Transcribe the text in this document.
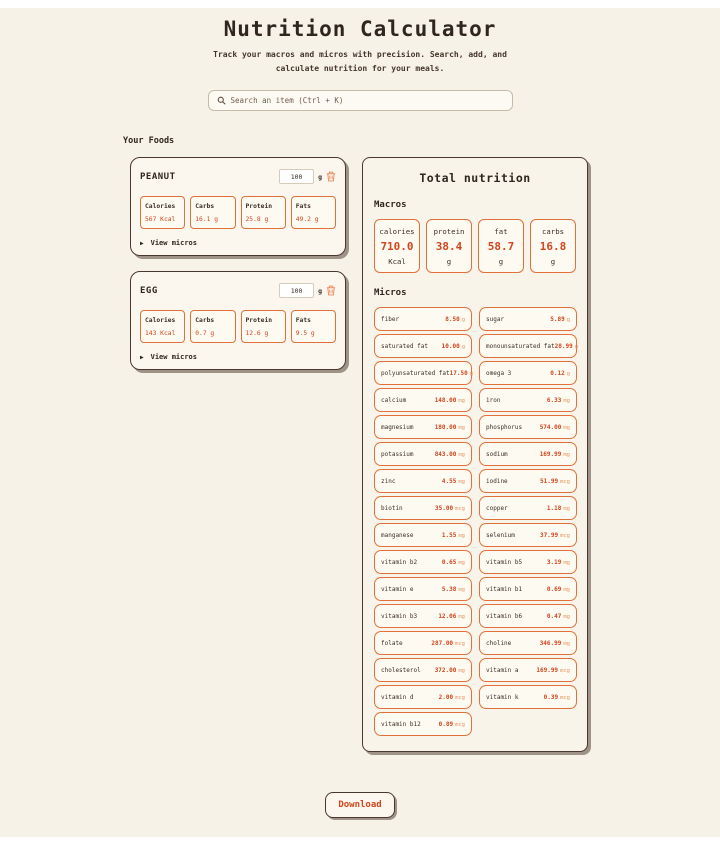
Nutrition Calculator
Track your macros and micros with precision. Search, add, and calculate nutrition for your meals.
Search an item (Ctrl + K)
Your Foods
PEANUT
100	g
Calories
567 Kcal
Carbs
16.1 g
Protein
25.8 g
Fats
49.2 g
▶ View micros
EGG
100	g
Calories
143 Kcal
Carbs
0.7 g
Protein
12.6 g
Fats
9.5 g
▶ View micros
Total nutrition
Macros
calories
710.0
Kcal
protein
38.4
g
fat
58.7
g
carbs
16.8
g
Micros
fiber	8.50 g
saturated fat 10.00 g
polyunsaturated fat 17.50 g
calcium	148.00 mg
magnesium	180.00 mg
potassium	843.00 mg
zinc	4.55 mg
biotin	35.00 mcg
manganese	1.55 mg
vitamin b2	0.65 mg
vitamin e	5.38 mg
vitamin b3	12.06 mg
folate	287.00 mcg
cholesterol 372.00 mg
vitamin d	2.00 mcg
vitamin b12	0.89 mcg
sugar	5.89 g
monounsaturated fat 28.99 g
omega 3	0.12 g
iron	6.33 mg
phosphorus	574.00 mg
sodium	169.99 mg
iodine	51.99 mcg
copper	1.18 mg
selenium	37.99 mcg
vitamin b5	3.19 mg
vitamin b1	0.69 mg
vitamin b6	0.47 mg
choline	346.99 mg
vitamin a	169.99 mcg
vitamin k	0.39 mcg
Download
